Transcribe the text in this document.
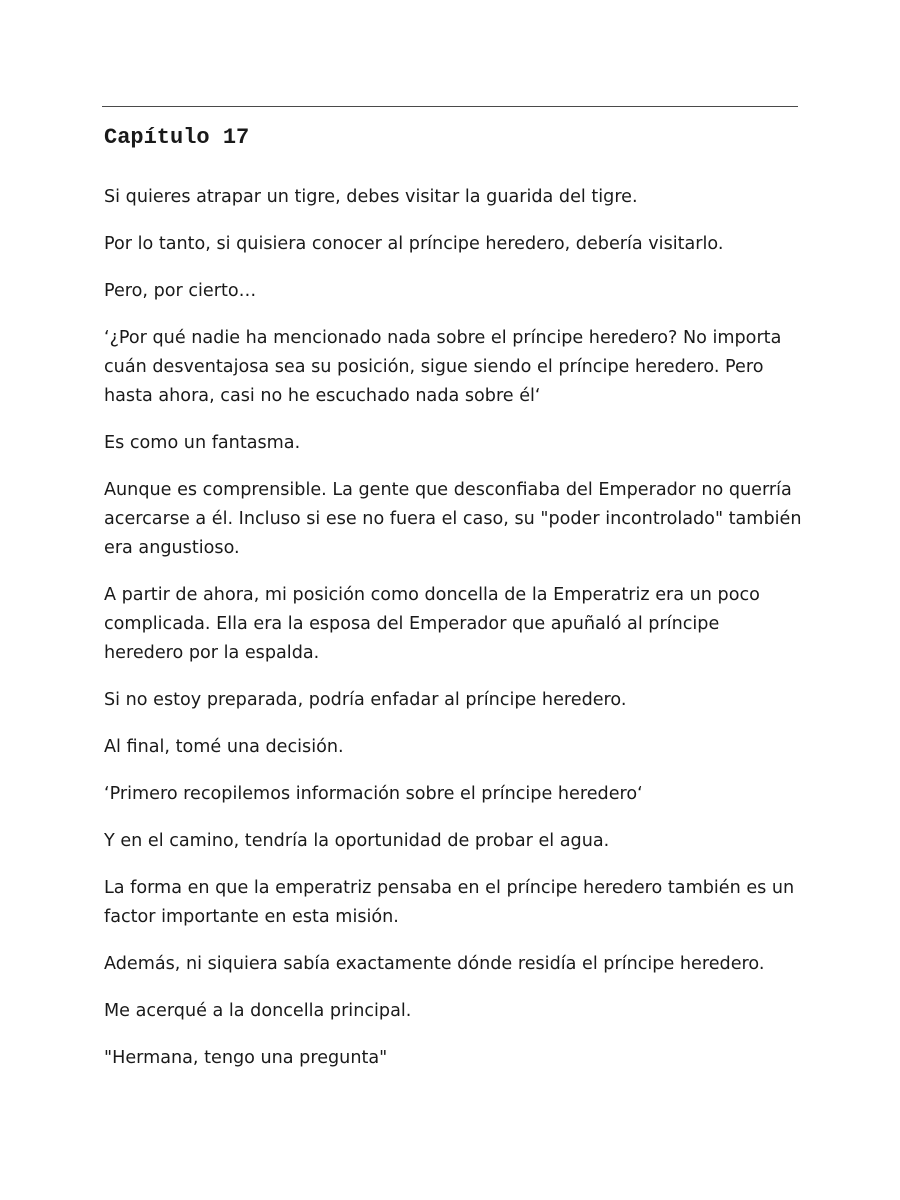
Capítulo 17

Si quieres atrapar un tigre, debes visitar la guarida del tigre.

Por lo tanto, si quisiera conocer al príncipe heredero, debería visitarlo.

Pero, por cierto…

‘¿Por qué nadie ha mencionado nada sobre el príncipe heredero? No importa cuán desventajosa sea su posición, sigue siendo el príncipe heredero. Pero hasta ahora, casi no he escuchado nada sobre él‘

Es como un fantasma.

Aunque es comprensible. La gente que desconfiaba del Emperador no querría acercarse a él. Incluso si ese no fuera el caso, su "poder incontrolado" también era angustioso.

A partir de ahora, mi posición como doncella de la Emperatriz era un poco complicada. Ella era la esposa del Emperador que apuñaló al príncipe heredero por la espalda.

Si no estoy preparada, podría enfadar al príncipe heredero.

Al final, tomé una decisión.

‘Primero recopilemos información sobre el príncipe heredero‘

Y en el camino, tendría la oportunidad de probar el agua.

La forma en que la emperatriz pensaba en el príncipe heredero también es un factor importante en esta misión.

Además, ni siquiera sabía exactamente dónde residía el príncipe heredero.

Me acerqué a la doncella principal.

"Hermana, tengo una pregunta"
